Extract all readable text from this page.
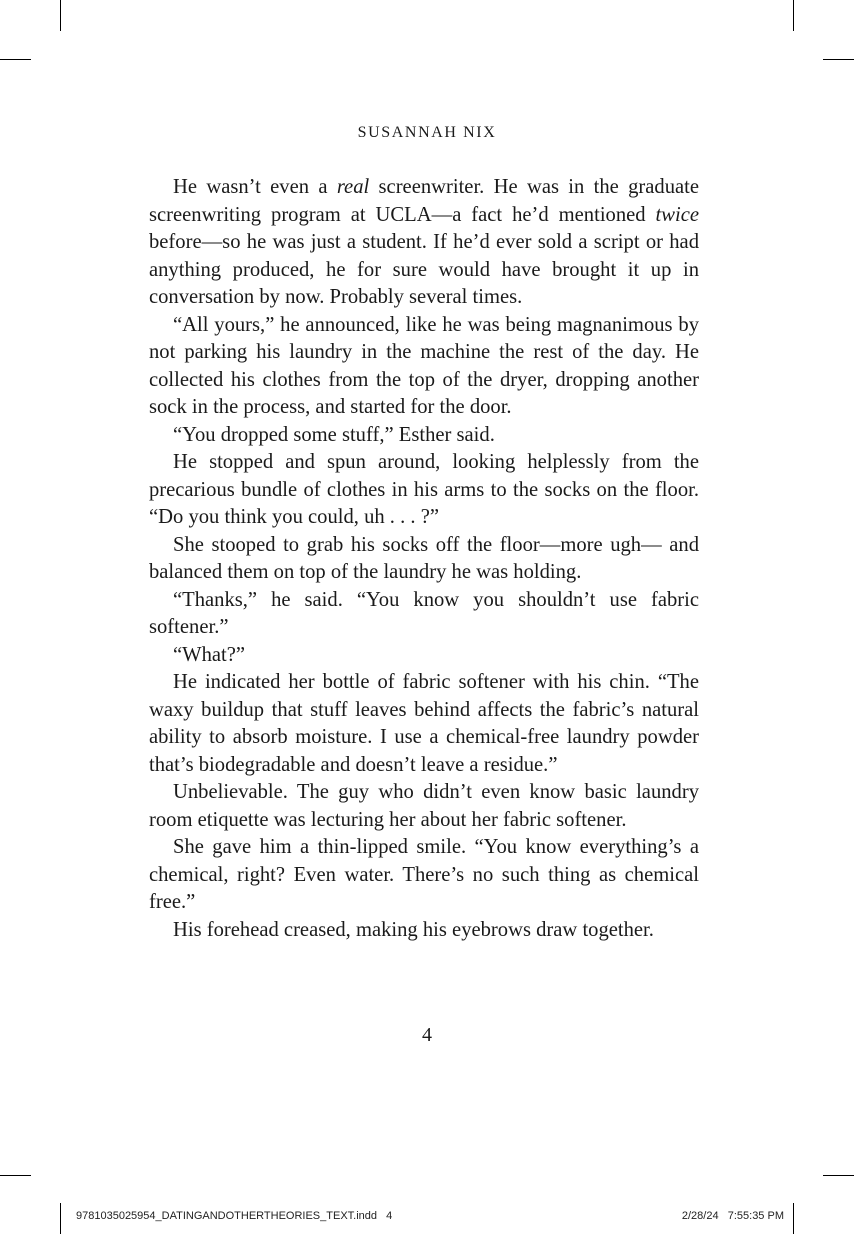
SUSANNAH NIX

He wasn’t even a real screenwriter. He was in the graduate screenwriting program at UCLA—a fact he’d mentioned twice before—so he was just a student. If he’d ever sold a script or had anything produced, he for sure would have brought it up in conversation by now. Probably several times.

“All yours,” he announced, like he was being magnanimous by not parking his laundry in the machine the rest of the day. He collected his clothes from the top of the dryer, dropping another sock in the process, and started for the door.

“You dropped some stuff,” Esther said.

He stopped and spun around, looking helplessly from the precarious bundle of clothes in his arms to the socks on the floor. “Do you think you could, uh . . . ?”

She stooped to grab his socks off the floor—more ugh— and balanced them on top of the laundry he was holding.

“Thanks,” he said. “You know you shouldn’t use fabric softener.”

“What?”

He indicated her bottle of fabric softener with his chin. “The waxy buildup that stuff leaves behind affects the fabric’s natural ability to absorb moisture. I use a chemical-free laundry powder that’s biodegradable and doesn’t leave a residue.”

Unbelievable. The guy who didn’t even know basic laundry room etiquette was lecturing her about her fabric softener.

She gave him a thin-lipped smile. “You know everything’s a chemical, right? Even water. There’s no such thing as chemical free.”

His forehead creased, making his eyebrows draw together.

4
9781035025954_DATINGANDOTHERTHEORIES_TEXT.indd   4	2/28/24   7:55:35 PM
